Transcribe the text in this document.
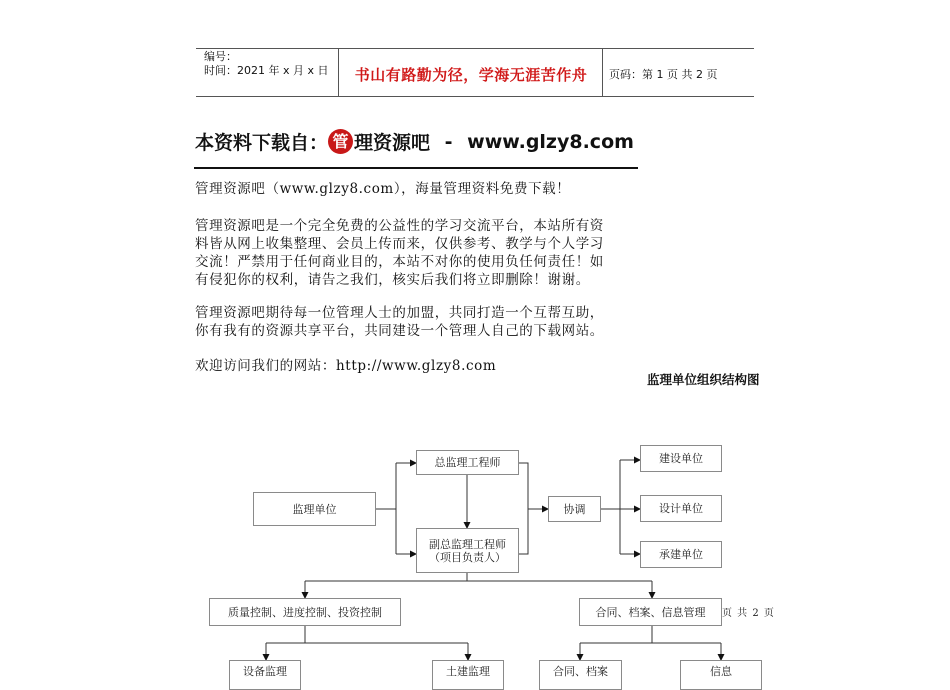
编号：
时间：2021 年 x 月 x 日	书山有路勤为径，学海无涯苦作舟	页码：第 1 页 共 2 页
本资料下载自： 管 理资源吧 - www.glzy8.com

管理资源吧（www.glzy8.com），海量管理资料免费下载！

管理资源吧是一个完全免费的公益性的学习交流平台，本站所有资

料皆从网上收集整理、会员上传而来，仅供参考、教学与个人学习

交流！严禁用于任何商业目的，本站不对你的使用负任何责任！如

有侵犯你的权利，请告之我们，核实后我们将立即删除！谢谢。

管理资源吧期待每一位管理人士的加盟，共同打造一个互帮互助，

你有我有的资源共享平台，共同建设一个管理人自己的下载网站。

欢迎访问我们的网站：http://www.glzy8.com

监理单位组织结构图
监理单位
总监理工程师
副总监理工程师
（项目负责人）
协调
建设单位
设计单位
承建单位
质量控制、进度控制、投资控制	合同、档案、信息管理 页 共 2 页
设备监理	土建监理	合同、档案	信息
